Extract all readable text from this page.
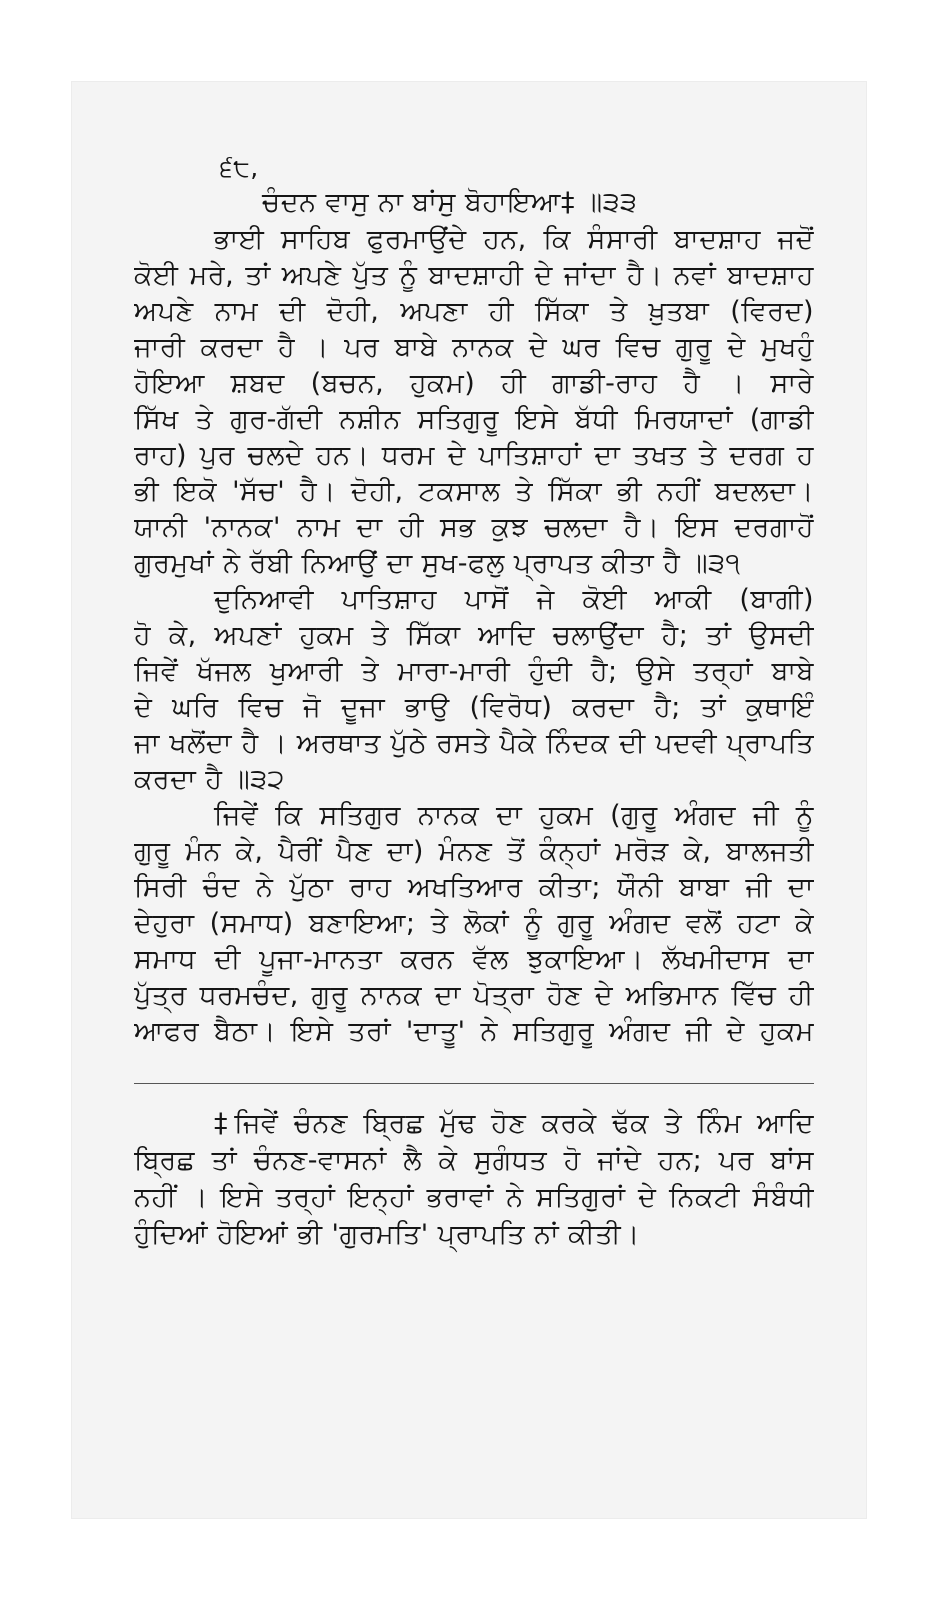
੬੮,
ਚੰਦਨ ਵਾਸੁ ਨਾ ਬਾਂਸੁ ਬੋਹਾਇਆ‡ ॥੩੩
ਭਾਈ ਸਾਹਿਬ ਫੁਰਮਾਉਂਦੇ ਹਨ, ਕਿ ਸੰਸਾਰੀ ਬਾਦਸ਼ਾਹ ਜਦੋਂ
ਕੋਈ ਮਰੇ, ਤਾਂ ਅਪਣੇ ਪੁੱਤ ਨੂੰ ਬਾਦਸ਼ਾਹੀ ਦੇ ਜਾਂਦਾ ਹੈ। ਨਵਾਂ ਬਾਦਸ਼ਾਹ
ਅਪਣੇ ਨਾਮ ਦੀ ਦੋਹੀ, ਅਪਣਾ ਹੀ ਸਿੱਕਾ ਤੇ ਖ਼ੁਤਬਾ (ਵਿਰਦ)
ਜਾਰੀ ਕਰਦਾ ਹੈ । ਪਰ ਬਾਬੇ ਨਾਨਕ ਦੇ ਘਰ ਵਿਚ ਗੁਰੂ ਦੇ ਮੁਖਹੁੰ
ਹੋਇਆ ਸ਼ਬਦ (ਬਚਨ, ਹੁਕਮ) ਹੀ ਗਾਡੀ-ਰਾਹ ਹੈ । ਸਾਰੇ
ਸਿੱਖ ਤੇ ਗੁਰ-ਗੱਦੀ ਨਸ਼ੀਨ ਸਤਿਗੁਰੂ ਇਸੇ ਬੱਧੀ ਮਿਰਯਾਦਾਂ (ਗਾਡੀ
ਰਾਹ) ਪੁਰ ਚਲਦੇ ਹਨ। ਧਰਮ ਦੇ ਪਾਤਿਸ਼ਾਹਾਂ ਦਾ ਤਖਤ ਤੇ ਦਰਗ ਹ
ਭੀ ਇਕੋ 'ਸੱਚ' ਹੈ। ਦੋਹੀ, ਟਕਸਾਲ ਤੇ ਸਿੱਕਾ ਭੀ ਨਹੀਂ ਬਦਲਦਾ।
ਯਾਨੀ 'ਨਾਨਕ' ਨਾਮ ਦਾ ਹੀ ਸਭ ਕੁਝ ਚਲਦਾ ਹੈ। ਇਸ ਦਰਗਾਹੋਂ
ਗੁਰਮੁਖਾਂ ਨੇ ਰੱਬੀ ਨਿਆਉਂ ਦਾ ਸੁਖ-ਫਲੁ ਪ੍ਰਾਪਤ ਕੀਤਾ ਹੈ ॥੩੧
ਦੁਨਿਆਵੀ ਪਾਤਿਸ਼ਾਹ ਪਾਸੋਂ ਜੇ ਕੋਈ ਆਕੀ (ਬਾਗੀ)
ਹੋ ਕੇ, ਅਪਣਾਂ ਹੁਕਮ ਤੇ ਸਿੱਕਾ ਆਦਿ ਚਲਾਉਂਦਾ ਹੈ; ਤਾਂ ਉਸਦੀ
ਜਿਵੇਂ ਖੱਜਲ ਖੁਆਰੀ ਤੇ ਮਾਰਾ-ਮਾਰੀ ਹੁੰਦੀ ਹੈ; ਉਸੇ ਤਰ੍ਹਾਂ ਬਾਬੇ
ਦੇ ਘਰਿ ਵਿਚ ਜੋ ਦੂਜਾ ਭਾਉ (ਵਿਰੋਧ) ਕਰਦਾ ਹੈ; ਤਾਂ ਕੁਥਾਇੰ
ਜਾ ਖਲੋਂਦਾ ਹੈ । ਅਰਥਾਤ ਪੁੱਠੇ ਰਸਤੇ ਪੈਕੇ ਨਿੰਦਕ ਦੀ ਪਦਵੀ ਪ੍ਰਾਪਤਿ
ਕਰਦਾ ਹੈ ॥੩੨
ਜਿਵੇਂ ਕਿ ਸਤਿਗੁਰ ਨਾਨਕ ਦਾ ਹੁਕਮ (ਗੁਰੂ ਅੰਗਦ ਜੀ ਨੂੰ
ਗੁਰੂ ਮੰਨ ਕੇ, ਪੈਰੀਂ ਪੈਣ ਦਾ) ਮੰਨਣ ਤੋਂ ਕੰਨ੍ਹਾਂ ਮਰੋੜ ਕੇ, ਬਾਲਜਤੀ
ਸਿਰੀ ਚੰਦ ਨੇ ਪੁੱਠਾ ਰਾਹ ਅਖਤਿਆਰ ਕੀਤਾ; ਯੌਨੀ ਬਾਬਾ ਜੀ ਦਾ
ਦੇਹੁਰਾ (ਸਮਾਧ) ਬਣਾਇਆ; ਤੇ ਲੋਕਾਂ ਨੂੰ ਗੁਰੂ ਅੰਗਦ ਵਲੋਂ ਹਟਾ ਕੇ
ਸਮਾਧ ਦੀ ਪੂਜਾ-ਮਾਨਤਾ ਕਰਨ ਵੱਲ ਝੁਕਾਇਆ। ਲੱਖਮੀਦਾਸ ਦਾ
ਪੁੱਤ੍ਰ ਧਰਮਚੰਦ, ਗੁਰੂ ਨਾਨਕ ਦਾ ਪੋਤ੍ਰਾ ਹੋਣ ਦੇ ਅਭਿਮਾਨ ਵਿੱਚ ਹੀ
ਆਫਰ ਬੈਠਾ। ਇਸੇ ਤਰਾਂ 'ਦਾਤੂ' ਨੇ ਸਤਿਗੁਰੂ ਅੰਗਦ ਜੀ ਦੇ ਹੁਕਮ
‡ਜਿਵੇਂ ਚੰਨਣ ਬ੍ਰਿਛ ਮੁੱਢ ਹੋਣ ਕਰਕੇ ਢੱਕ ਤੇ ਨਿੰਮ ਆਦਿ
ਬ੍ਰਿਛ ਤਾਂ ਚੰਨਣ-ਵਾਸਨਾਂ ਲੈ ਕੇ ਸੁਗੰਧਤ ਹੋ ਜਾਂਦੇ ਹਨ; ਪਰ ਬਾਂਸ
ਨਹੀਂ । ਇਸੇ ਤਰ੍ਹਾਂ ਇਨ੍ਹਾਂ ਭਰਾਵਾਂ ਨੇ ਸਤਿਗੁਰਾਂ ਦੇ ਨਿਕਟੀ ਸੰਬੰਧੀ
ਹੁੰਦਿਆਂ ਹੋਇਆਂ ਭੀ 'ਗੁਰਮਤਿ' ਪ੍ਰਾਪਤਿ ਨਾਂ ਕੀਤੀ।
